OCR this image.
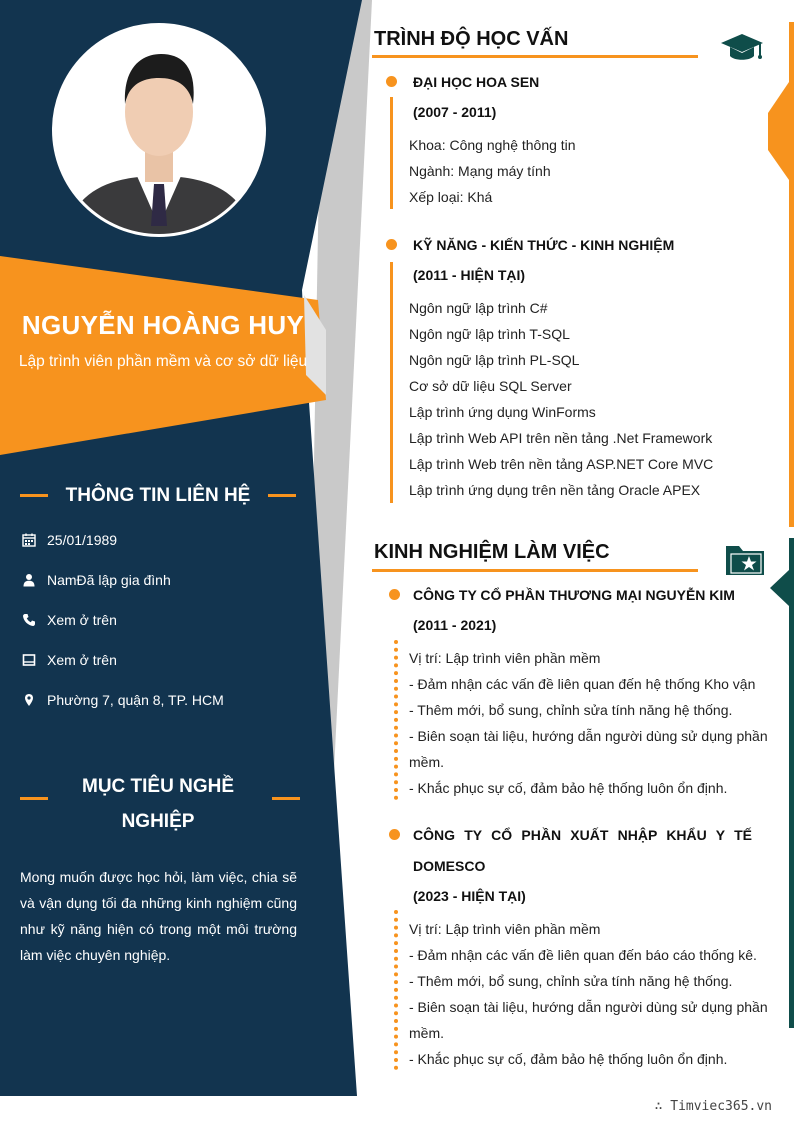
NGUYỄN HOÀNG HUY
Lập trình viên phần mềm và cơ sở dữ liệu
THÔNG TIN LIÊN HỆ
25/01/1989
NamĐã lập gia đình
Xem ở trên
Xem ở trên
Phường 7, quận 8, TP. HCM
MỤC TIÊU NGHỀ
NGHIỆP
Mong muốn được học hỏi, làm việc, chia sẽ và vận dụng tối đa những kinh nghiệm cũng như kỹ năng hiện có trong một môi trường làm việc chuyên nghiệp.
TRÌNH ĐỘ HỌC VẤN
ĐẠI HỌC HOA SEN
(2007 - 2011)
Khoa: Công nghệ thông tin
Ngành: Mạng máy tính
Xếp loại: Khá
KỸ NĂNG - KIẾN THỨC - KINH NGHIỆM
(2011 - HIỆN TẠI)
Ngôn ngữ lập trình C#
Ngôn ngữ lập trình T-SQL
Ngôn ngữ lập trình PL-SQL
Cơ sở dữ liệu SQL Server
Lập trình ứng dụng WinForms
Lập trình Web API trên nền tảng .Net Framework
Lập trình Web trên nền tảng ASP.NET Core MVC
Lập trình ứng dụng trên nền tảng Oracle APEX
KINH NGHIỆM LÀM VIỆC
CÔNG TY CỔ PHẦN THƯƠNG MẠI NGUYỄN KIM
(2011 - 2021)
Vị trí: Lập trình viên phần mềm
- Đảm nhận các vấn đề liên quan đến hệ thống Kho vận
- Thêm mới, bổ sung, chỉnh sửa tính năng hệ thống.
- Biên soạn tài liệu, hướng dẫn người dùng sử dụng phần
mềm.
- Khắc phục sự cố, đảm bảo hệ thống luôn ổn định.
CÔNG TY CỔ PHẦN XUẤT NHẬP KHẨU Y TẾ
DOMESCO
(2023 - HIỆN TẠI)
Vị trí: Lập trình viên phần mềm
- Đảm nhận các vấn đề liên quan đến báo cáo thống kê.
- Thêm mới, bổ sung, chỉnh sửa tính năng hệ thống.
- Biên soạn tài liệu, hướng dẫn người dùng sử dụng phần
mềm.
- Khắc phục sự cố, đảm bảo hệ thống luôn ổn định.
∴ Timviec365.vn
